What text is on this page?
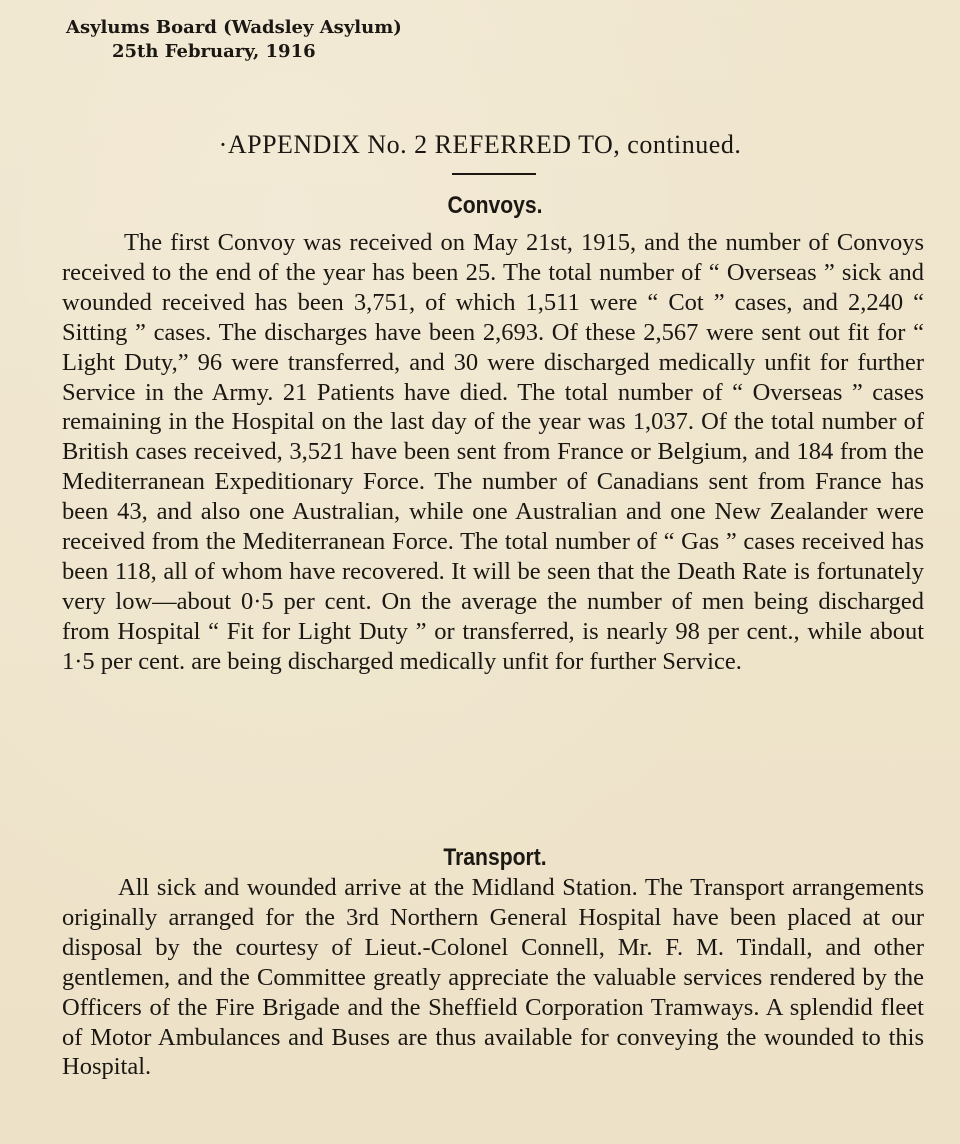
Asylums Board (Wadsley Asylum)
25th February, 1916
·APPENDIX No. 2 REFERRED TO, continued.
Convoys.

The first Convoy was received on May 21st, 1915, and the number of Convoys received to the end of the year has been 25. The total number of “ Overseas ” sick and wounded received has been 3,751, of which 1,511 were “ Cot ” cases, and 2,240 “ Sitting ” cases. The discharges have been 2,693. Of these 2,567 were sent out fit for “ Light Duty,” 96 were transferred, and 30 were discharged medically unfit for further Service in the Army. 21 Patients have died. The total number of “ Overseas ” cases remaining in the Hospital on the last day of the year was 1,037. Of the total number of British cases received, 3,521 have been sent from France or Belgium, and 184 from the Mediterranean Expeditionary Force. The number of Canadians sent from France has been 43, and also one Australian, while one Australian and one New Zealander were received from the Mediterranean Force. The total number of “ Gas ” cases received has been 118, all of whom have recovered. It will be seen that the Death Rate is fortunately very low—about 0·5 per cent. On the average the number of men being discharged from Hospital “ Fit for Light Duty ” or transferred, is nearly 98 per cent., while about 1·5 per cent. are being discharged medically unfit for further Service.

Transport.

All sick and wounded arrive at the Midland Station. The Transport arrangements originally arranged for the 3rd Northern General Hospital have been placed at our disposal by the courtesy of Lieut.-Colonel Connell, Mr. F. M. Tindall, and other gentlemen, and the Committee greatly appreciate the valuable services rendered by the Officers of the Fire Brigade and the Sheffield Corporation Tramways. A splendid fleet of Motor Ambulances and Buses are thus available for conveying the wounded to this Hospital.
